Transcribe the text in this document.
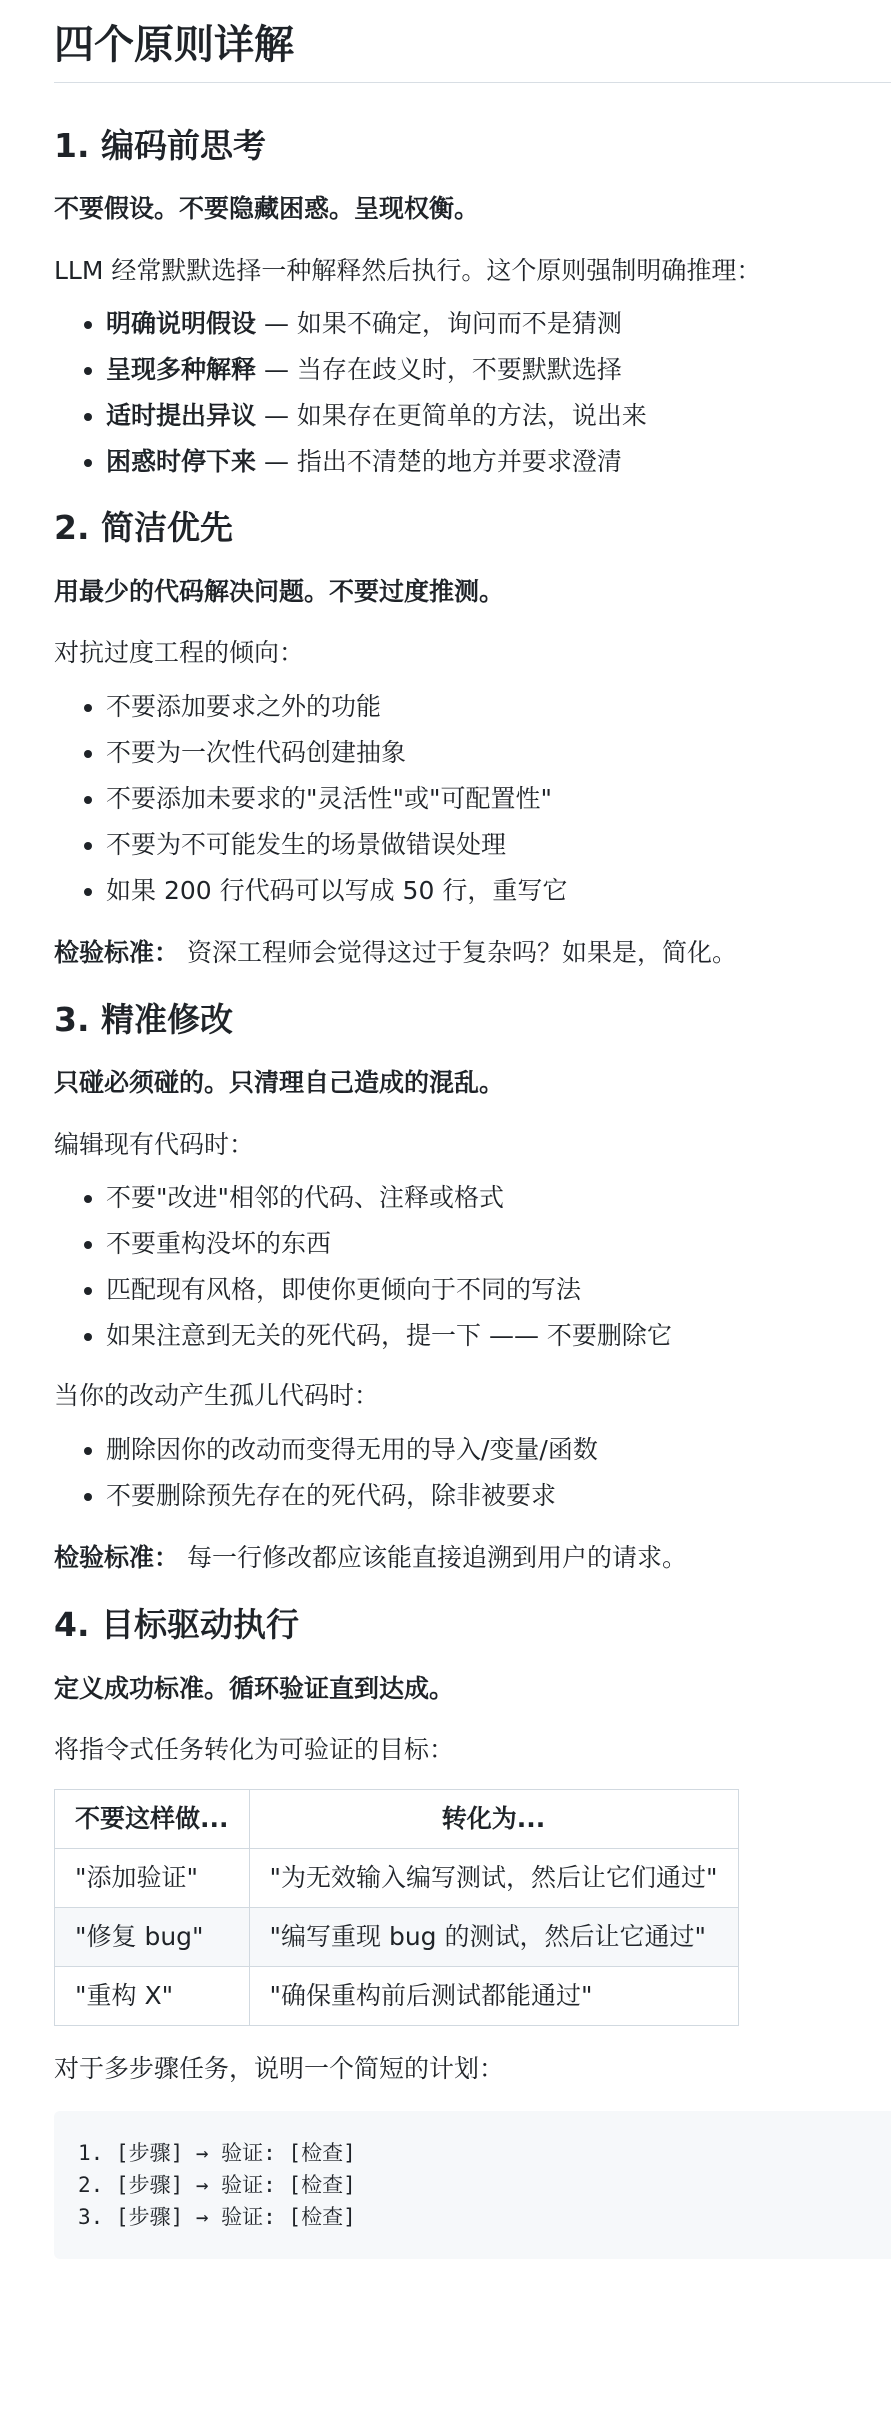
四个原则详解
1. 编码前思考

不要假设。不要隐藏困惑。呈现权衡。

LLM 经常默默选择一种解释然后执行。这个原则强制明确推理：

• 明确说明假设 — 如果不确定，询问而不是猜测
• 呈现多种解释 — 当存在歧义时，不要默默选择
• 适时提出异议 — 如果存在更简单的方法，说出来
• 困惑时停下来 — 指出不清楚的地方并要求澄清
2. 简洁优先

用最少的代码解决问题。不要过度推测。

对抗过度工程的倾向：

• 不要添加要求之外的功能
• 不要为一次性代码创建抽象
• 不要添加未要求的"灵活性"或"可配置性"
• 不要为不可能发生的场景做错误处理
• 如果 200 行代码可以写成 50 行，重写它

检验标准： 资深工程师会觉得这过于复杂吗？如果是，简化。

3. 精准修改

只碰必须碰的。只清理自己造成的混乱。

编辑现有代码时：

• 不要"改进"相邻的代码、注释或格式
• 不要重构没坏的东西
• 匹配现有风格，即使你更倾向于不同的写法
• 如果注意到无关的死代码，提一下 —— 不要删除它

当你的改动产生孤儿代码时：

• 删除因你的改动而变得无用的导入/变量/函数
• 不要删除预先存在的死代码，除非被要求

检验标准： 每一行修改都应该能直接追溯到用户的请求。

4. 目标驱动执行

定义成功标准。循环验证直到达成。

将指令式任务转化为可验证的目标：

不要这样做...	转化为...
"添加验证"	"为无效输入编写测试，然后让它们通过"
"修复 bug"	"编写重现 bug 的测试，然后让它通过"
"重构 X"	"确保重构前后测试都能通过"

对于多步骤任务，说明一个简短的计划：

1. [步骤] → 验证: [检查]
2. [步骤] → 验证: [检查]
3. [步骤] → 验证: [检查]
